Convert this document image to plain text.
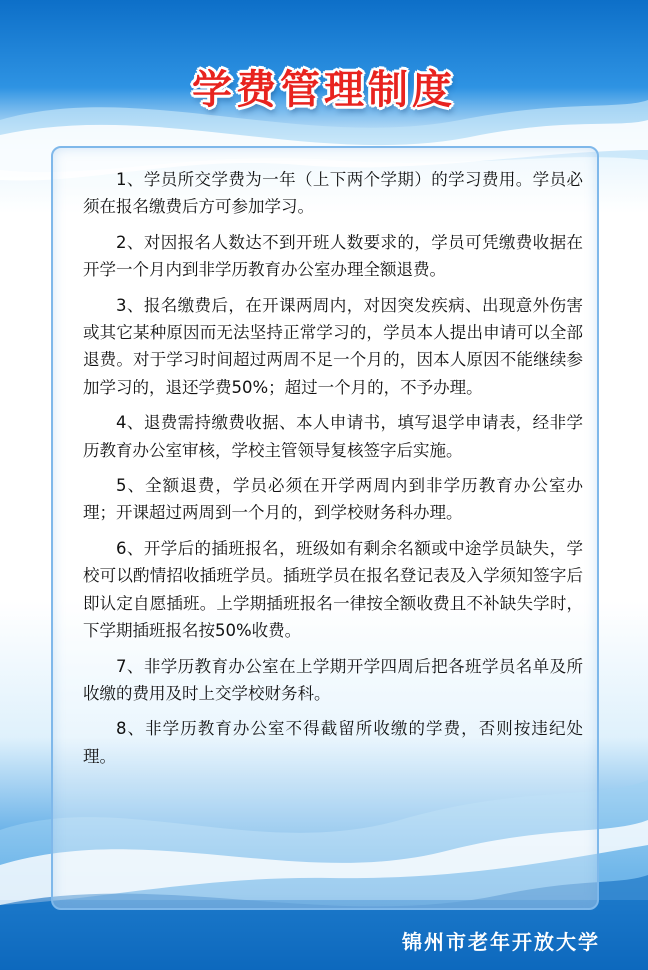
学费管理制度

1、学员所交学费为一年（上下两个学期）的学习费用。学员必须在报名缴费后方可参加学习。

2、对因报名人数达不到开班人数要求的，学员可凭缴费收据在开学一个月内到非学历教育办公室办理全额退费。

3、报名缴费后，在开课两周内，对因突发疾病、出现意外伤害或其它某种原因而无法坚持正常学习的，学员本人提出申请可以全部退费。对于学习时间超过两周不足一个月的，因本人原因不能继续参加学习的，退还学费50%；超过一个月的，不予办理。

4、退费需持缴费收据、本人申请书，填写退学申请表，经非学历教育办公室审核，学校主管领导复核签字后实施。

5、全额退费，学员必须在开学两周内到非学历教育办公室办理；开课超过两周到一个月的，到学校财务科办理。

6、开学后的插班报名，班级如有剩余名额或中途学员缺失，学校可以酌情招收插班学员。插班学员在报名登记表及入学须知签字后即认定自愿插班。上学期插班报名一律按全额收费且不补缺失学时，下学期插班报名按50%收费。

7、非学历教育办公室在上学期开学四周后把各班学员名单及所收缴的费用及时上交学校财务科。

8、非学历教育办公室不得截留所收缴的学费，否则按违纪处理。

锦州市老年开放大学
